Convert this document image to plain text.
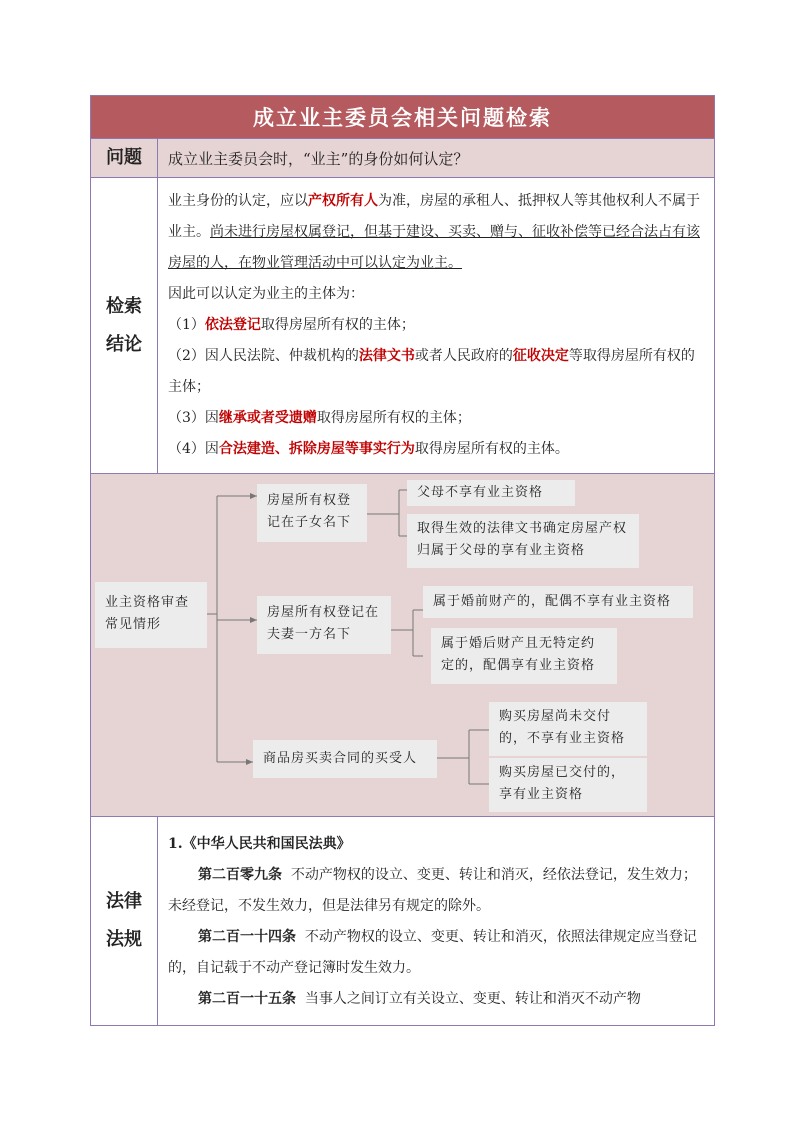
成立业主委员会相关问题检索
问题	成立业主委员会时，“业主”的身份如何认定？
检索
结论

业主身份的认定，应以产权所有人为准，房屋的承租人、抵押权人等其他权利人不属于业主。尚未进行房屋权属登记，但基于建设、买卖、赠与、征收补偿等已经合法占有该房屋的人，在物业管理活动中可以认定为业主。

因此可以认定为业主的主体为：

（1）依法登记取得房屋所有权的主体；

（2）因人民法院、仲裁机构的法律文书或者人民政府的征收决定等取得房屋所有权的主体；

（3）因继承或者受遗赠取得房屋所有权的主体；

（4）因合法建造、拆除房屋等事实行为取得房屋所有权的主体。

业主资格审查常见情形
房屋所有权登记在子女名下
父母不享有业主资格
取得生效的法律文书确定房屋产权归属于父母的享有业主资格
房屋所有权登记在夫妻一方名下
属于婚前财产的，配偶不享有业主资格
属于婚后财产且无特定约定的，配偶享有业主资格
商品房买卖合同的买受人
购买房屋尚未交付的，不享有业主资格
购买房屋已交付的，享有业主资格
法律
法规

1.《中华人民共和国民法典》

第二百零九条 不动产物权的设立、变更、转让和消灭，经依法登记，发生效力；未经登记，不发生效力，但是法律另有规定的除外。

第二百一十四条 不动产物权的设立、变更、转让和消灭，依照法律规定应当登记的，自记载于不动产登记簿时发生效力。

第二百一十五条 当事人之间订立有关设立、变更、转让和消灭不动产物
